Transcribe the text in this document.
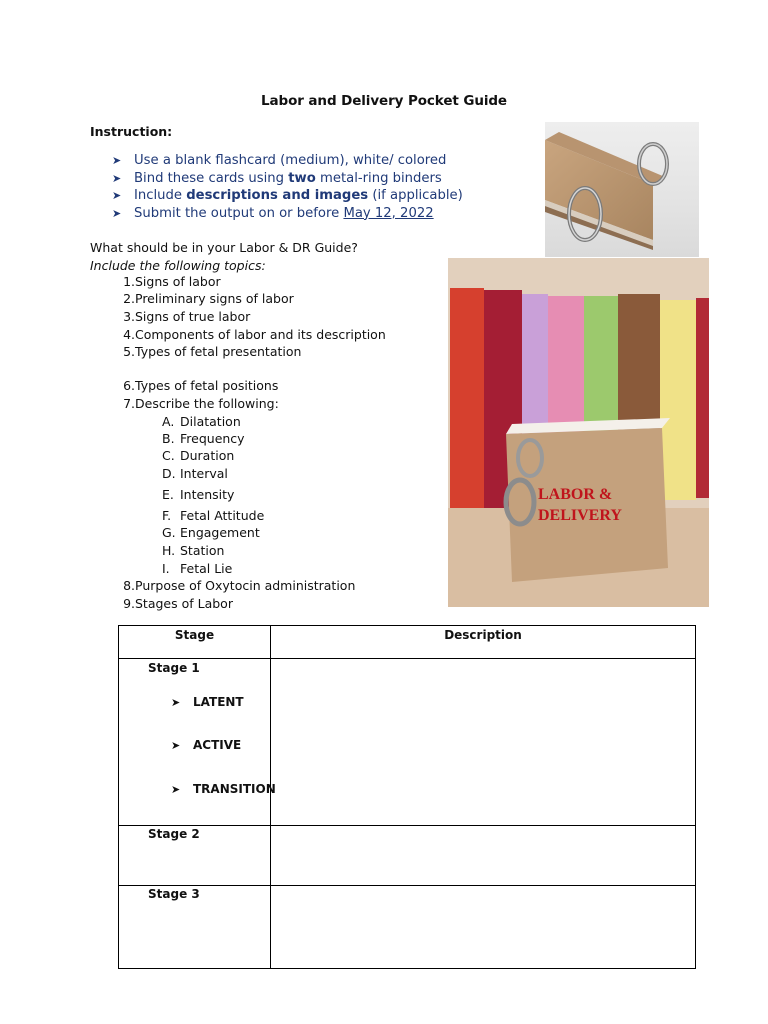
Labor and Delivery Pocket Guide
Instruction:
➤ Use a blank flashcard (medium), white/ colored
➤ Bind these cards using two metal-ring binders
➤ Include descriptions and images (if applicable)
➤ Submit the output on or before May 12, 2022
What should be in your Labor & DR Guide?
Include the following topics:
1. Signs of labor
2. Preliminary signs of labor
3. Signs of true labor
4. Components of labor and its description
5. Types of fetal presentation
6. Types of fetal positions
7. Describe the following:
8. Purpose of Oxytocin administration
9. Stages of Labor
A. Dilatation
B. Frequency
C. Duration
D. Interval
E. Intensity
F. Fetal Attitude
G. Engagement
H. Station
I. Fetal Lie
LABOR &
DELIVERY
Stage	Description
Stage 1
➤ LATENT
➤ ACTIVE
➤ TRANSITION
Stage 2
Stage 3
